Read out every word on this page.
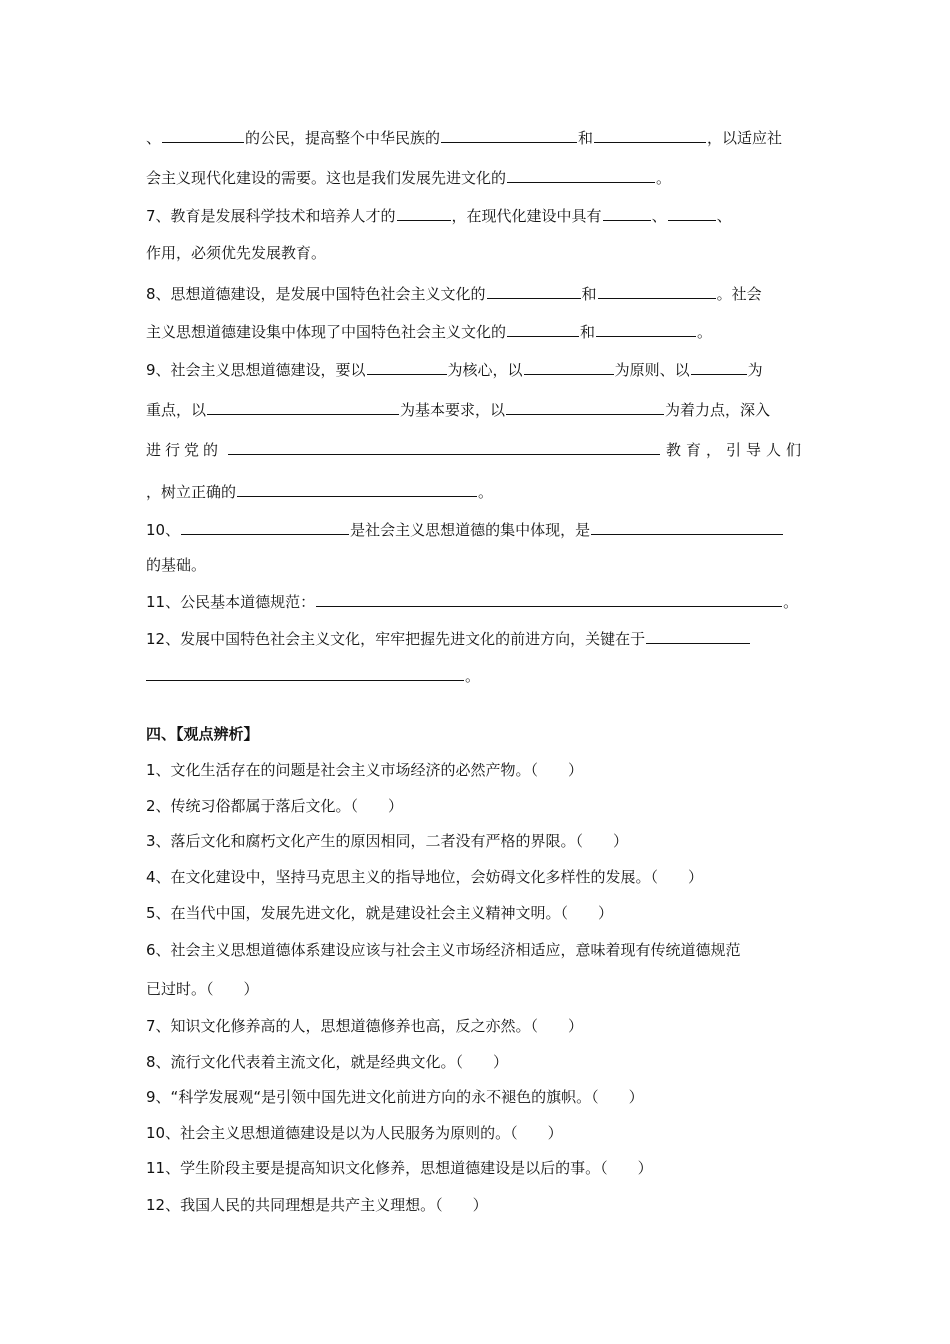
、	的公民，提高整个中华民族的	和	，以适应社
会主义现代化建设的需要。这也是我们发展先进文化的	。
7、教育是发展科学技术和培养人才的	，在现代化建设中具有	、	、
作用，必须优先发展教育。
8、思想道德建设，是发展中国特色社会主义文化的	和	。社会
主义思想道德建设集中体现了中国特色社会主义文化的	和	。
9、社会主义思想道德建设，要以	为核心，以	为原则、以	为
重点，以	为基本要求，以	为着力点，深入
进行党的	教育，引导人们
，树立正确的	。
10、	是社会主义思想道德的集中体现，是
的基础。
11、公民基本道德规范：	。
12、发展中国特色社会主义文化，牢牢把握先进文化的前进方向，关键在于
。
四、【观点辨析】
1、文化生活存在的问题是社会主义市场经济的必然产物。（　　）
2、传统习俗都属于落后文化。（　　）
3、落后文化和腐朽文化产生的原因相同，二者没有严格的界限。（　　）
4、在文化建设中，坚持马克思主义的指导地位，会妨碍文化多样性的发展。（　　）
5、在当代中国，发展先进文化，就是建设社会主义精神文明。（　　）
6、社会主义思想道德体系建设应该与社会主义市场经济相适应，意味着现有传统道德规范
已过时。（　　）
7、知识文化修养高的人，思想道德修养也高，反之亦然。（　　）
8、流行文化代表着主流文化，就是经典文化。（　　）
9、“科学发展观“是引领中国先进文化前进方向的永不褪色的旗帜。（　　）
10、社会主义思想道德建设是以为人民服务为原则的。（　　）
11、学生阶段主要是提高知识文化修养，思想道德建设是以后的事。（　　）
12、我国人民的共同理想是共产主义理想。（　　）
